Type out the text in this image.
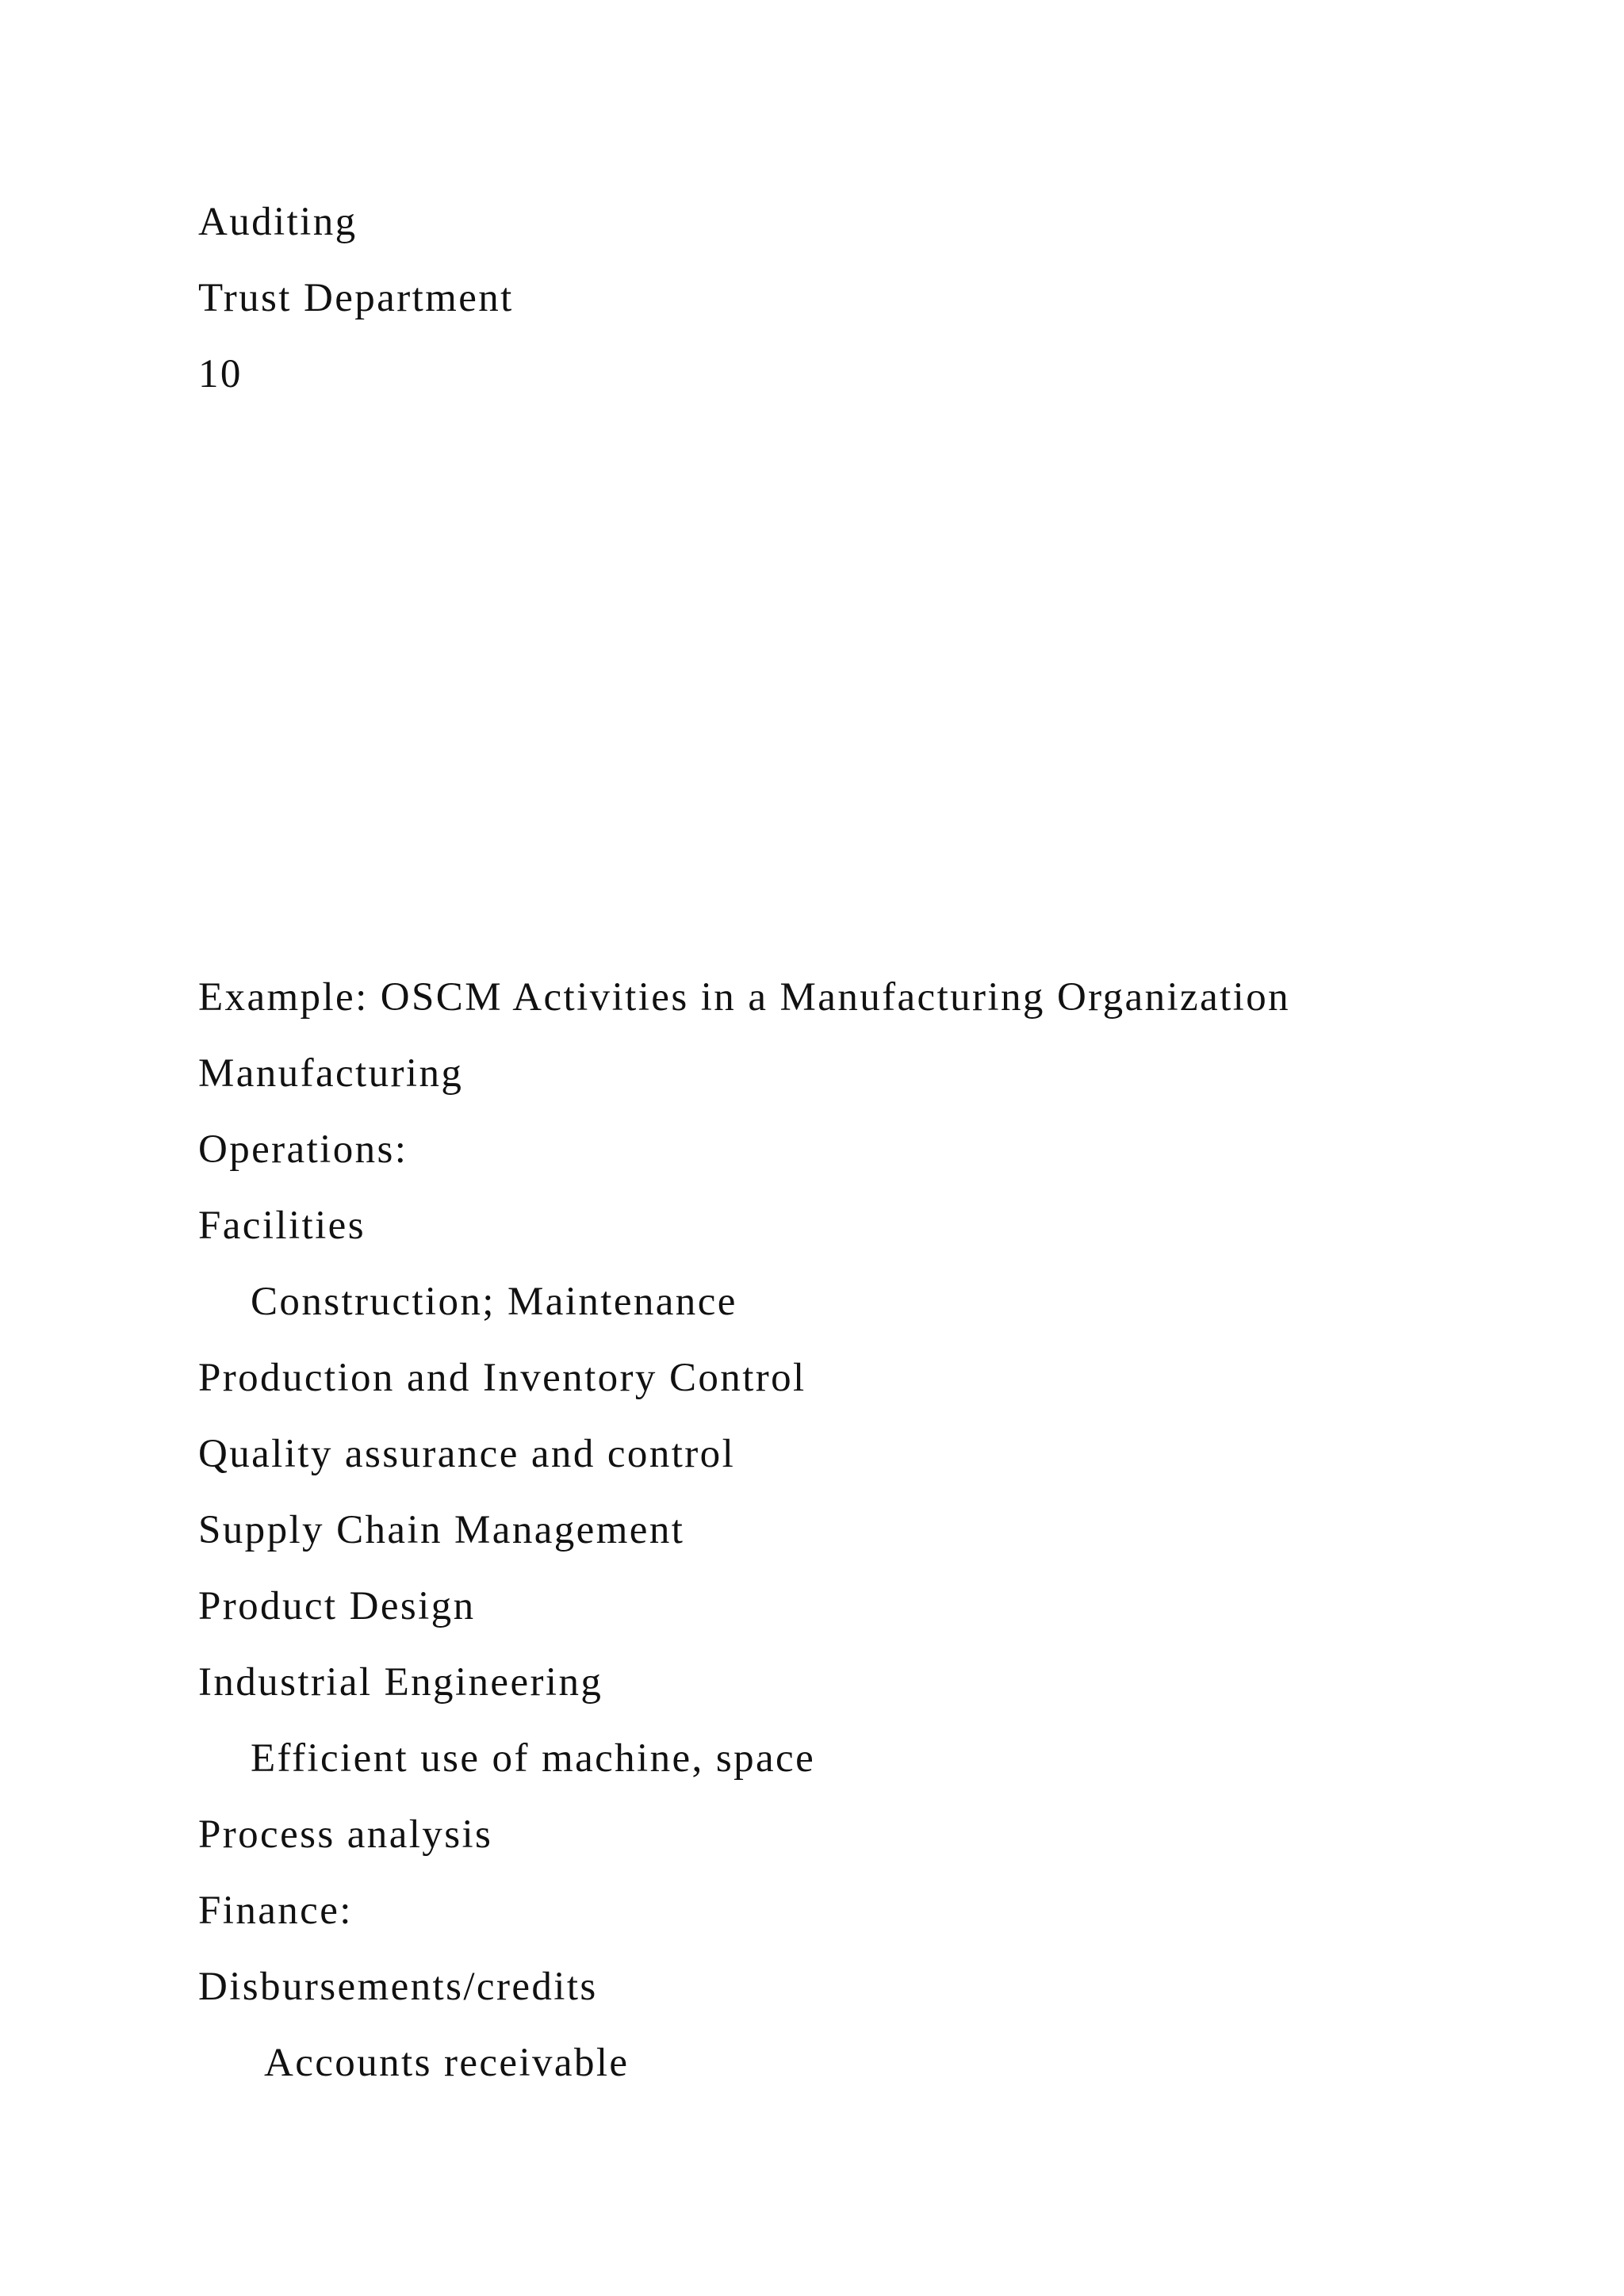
Auditing
Trust Department
10
Example: OSCM Activities in a Manufacturing Organization
Manufacturing
Operations:
Facilities
Construction; Maintenance
Production and Inventory Control
Quality assurance and control
Supply Chain Management
Product Design
Industrial Engineering
Efficient use of machine, space
Process analysis
Finance:
Disbursements/credits
Accounts receivable
